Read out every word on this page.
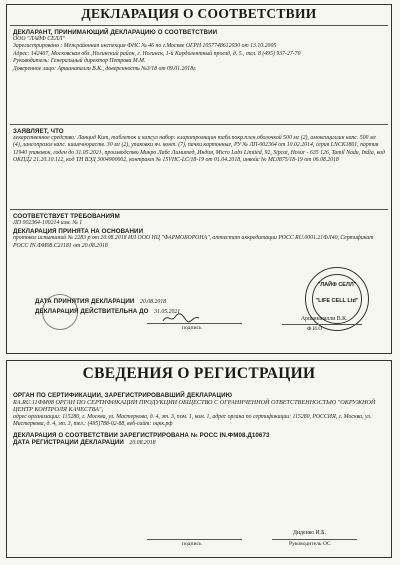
ДЕКЛАРАЦИЯ О СООТВЕТСТВИИ
ДЕКЛАРАНТ, ПРИНИМАЮЩИЙ ДЕКЛАРАЦИЮ О СООТВЕТСТВИИ
ООО "ЛАЙФ СЕЛЛ"
Зарегистрировано : Межрайонная инспекция ФНС № 46 по г.Москве ОГРН 1057748612030 от 13.10.2005
Адрес: 142407, Московская обл.,Ногинский район, г. Ногинск, 1-й Кардолентный проезд, д. 5., тел. 8 (495) 937-27-70
Руководитель: Генеральный директор Петрова М.М.
Доверенное лицо: Аршанапалли В.К., доверенность №3/18 от 09.01.2018г.
ЗАЯВЛЯЕТ, ЧТО
лекарственное средство: Ланцид Кит, таблеток и капсул набор: кларитромицин табл.покр.плен.оболочкой 500 мг (2), амоксициллин капс. 500 мг (4), лансопразол капс. кишечнораств. 30 мг (2), упаковки яч. конт. (7), пачки картонные, РУ № ЛП-002364 от 10.02.2014, серия LNCK1801, партия 11940 упаковок, годен до 31.05.2021, производство Микро Лабс Лимитед, Индия, Micro Labs Limited, 92, Sipcot, Hosur - 635 126, Tamil Nadu, India, код ОКПД2 21.20.10.112, код ТН ВЭД 3004900002, контракт № 15VНС-LC/18-19 от 01.04.2018, инвойс № ML0875/18-19 от 06.08.2018
СООТВЕТСТВУЕТ ТРЕБОВАНИЯМ
ЛП 002364-100214 изм. № 1
ДЕКЛАРАЦИЯ ПРИНЯТА НА ОСНОВАНИИ
протокол испытаний № 2283 р от 20.08.2018 ИЛ ООО НЦ "ФАРМОБОРОНА", аттестат аккредитации РОСС RU.0001.21ФЛ40, Сертификат РОСС IN.ФМ08.С21181 от 20.08.2018
ДАТА ПРИНЯТИЯ ДЕКЛАРАЦИИ 20.08.2018
ДЕКЛАРАЦИЯ ДЕЙСТВИТЕЛЬНА ДО 31.05.2021
подпись
"ЛАЙФ СЕЛЛ"
"LIFE CELL Ltd"
Аршанапалли В.К.
Ф.И.О
СВЕДЕНИЯ О РЕГИСТРАЦИИ
ОРГАН ПО СЕРТИФИКАЦИИ, ЗАРЕГИСТРИРОВАВШИЙ ДЕКЛАРАЦИЮ
RA.RU.11ФМ08 ОРГАН ПО СЕРТИФИКАЦИИ ПРОДУКЦИИ ОБЩЕСТВО С ОГРАНИЧЕННОЙ ОТВЕТСТВЕННОСТЬЮ "ОКРУЖНОЙ ЦЕНТР КОНТРОЛЯ КАЧЕСТВА",
адрес организации: 115280, г. Москва, ул. Мастеркова, д. 4, эт. 3, пом. 1, ком. 1, адрес органа по сертификации: 115280, РОССИЯ, г. Москва, ул. Мастеркова, д. 4, эт. 3, тел.: (495)788-02-88, веб-сайт: оцкк.рф
ДЕКЛАРАЦИЯ О СООТВЕТСТВИИ ЗАРЕГИСТРИРОВАНА № РОСС IN.ФМ08.Д10673
ДАТА РЕГИСТРАЦИИ ДЕКЛАРАЦИИ 20.08.2018
подпись
Диденко И.Б.
Руководитель ОС
